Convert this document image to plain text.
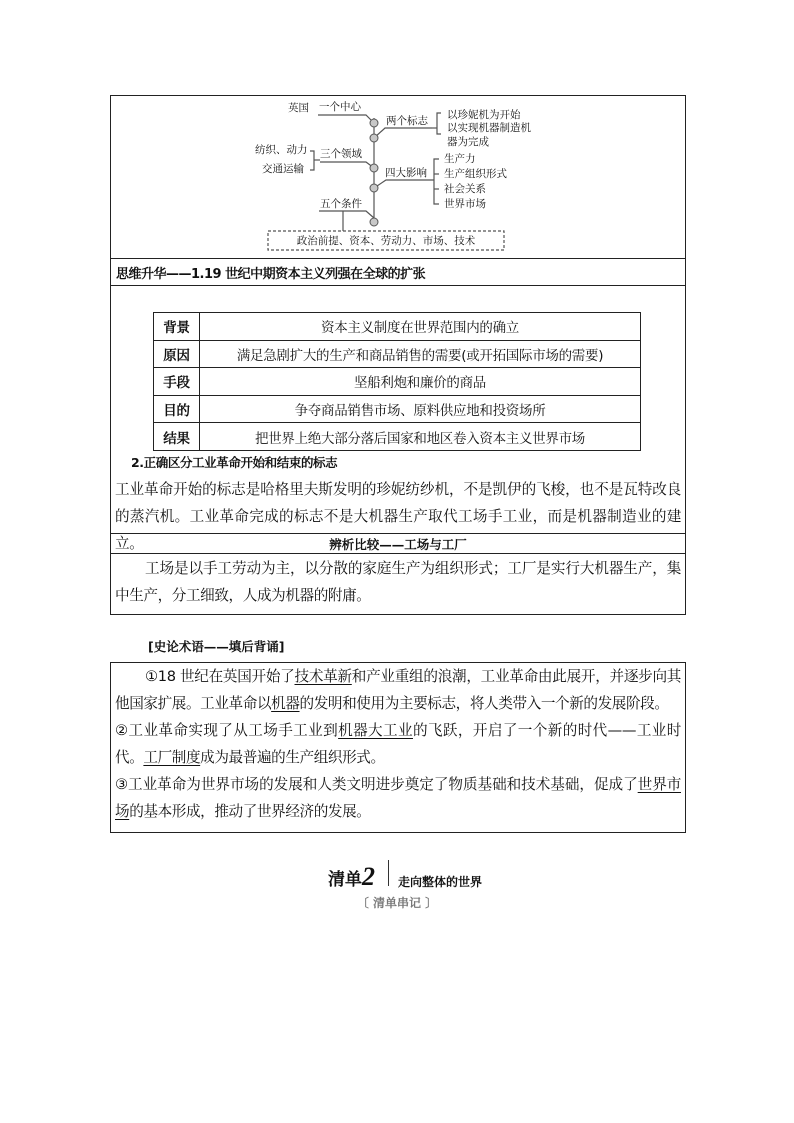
英国 一个中心
两个标志 以珍妮机为开始
以实现机器制造机
器为完成
纺织、动力
交通运输
三个领域
四大影响
生产力
生产组织形式
社会关系
世界市场
五个条件
政治前提、资本、劳动力、市场、技术
思维升华——1.19 世纪中期资本主义列强在全球的扩张
背景	资本主义制度在世界范围内的确立
原因	满足急剧扩大的生产和商品销售的需要(或开拓国际市场的需要)
手段	坚船利炮和廉价的商品
目的	争夺商品销售市场、原料供应地和投资场所
结果	把世界上绝大部分落后国家和地区卷入资本主义世界市场
2.正确区分工业革命开始和结束的标志
工业革命开始的标志是哈格里夫斯发明的珍妮纺纱机，不是凯伊的飞梭，也不是瓦特改良的蒸汽机。工业革命完成的标志不是大机器生产取代工场手工业，而是机器制造业的建立。	辨析比较——工场与工厂
工场是以手工劳动为主，以分散的家庭生产为组织形式；工厂是实行大机器生产，集中生产，分工细致，人成为机器的附庸。
[史论术语——填后背诵]
①18 世纪在英国开始了技术革新和产业重组的浪潮，工业革命由此展开，并逐步向其他国家扩展。工业革命以机器的发明和使用为主要标志，将人类带入一个新的发展阶段。
②工业革命实现了从工场手工业到机器大工业的飞跃，开启了一个新的时代——工业时代。工厂制度成为最普遍的生产组织形式。
③工业革命为世界市场的发展和人类文明进步奠定了物质基础和技术基础，促成了世界市场的基本形成，推动了世界经济的发展。
清单2 走向整体的世界
〔 清单串记 〕
